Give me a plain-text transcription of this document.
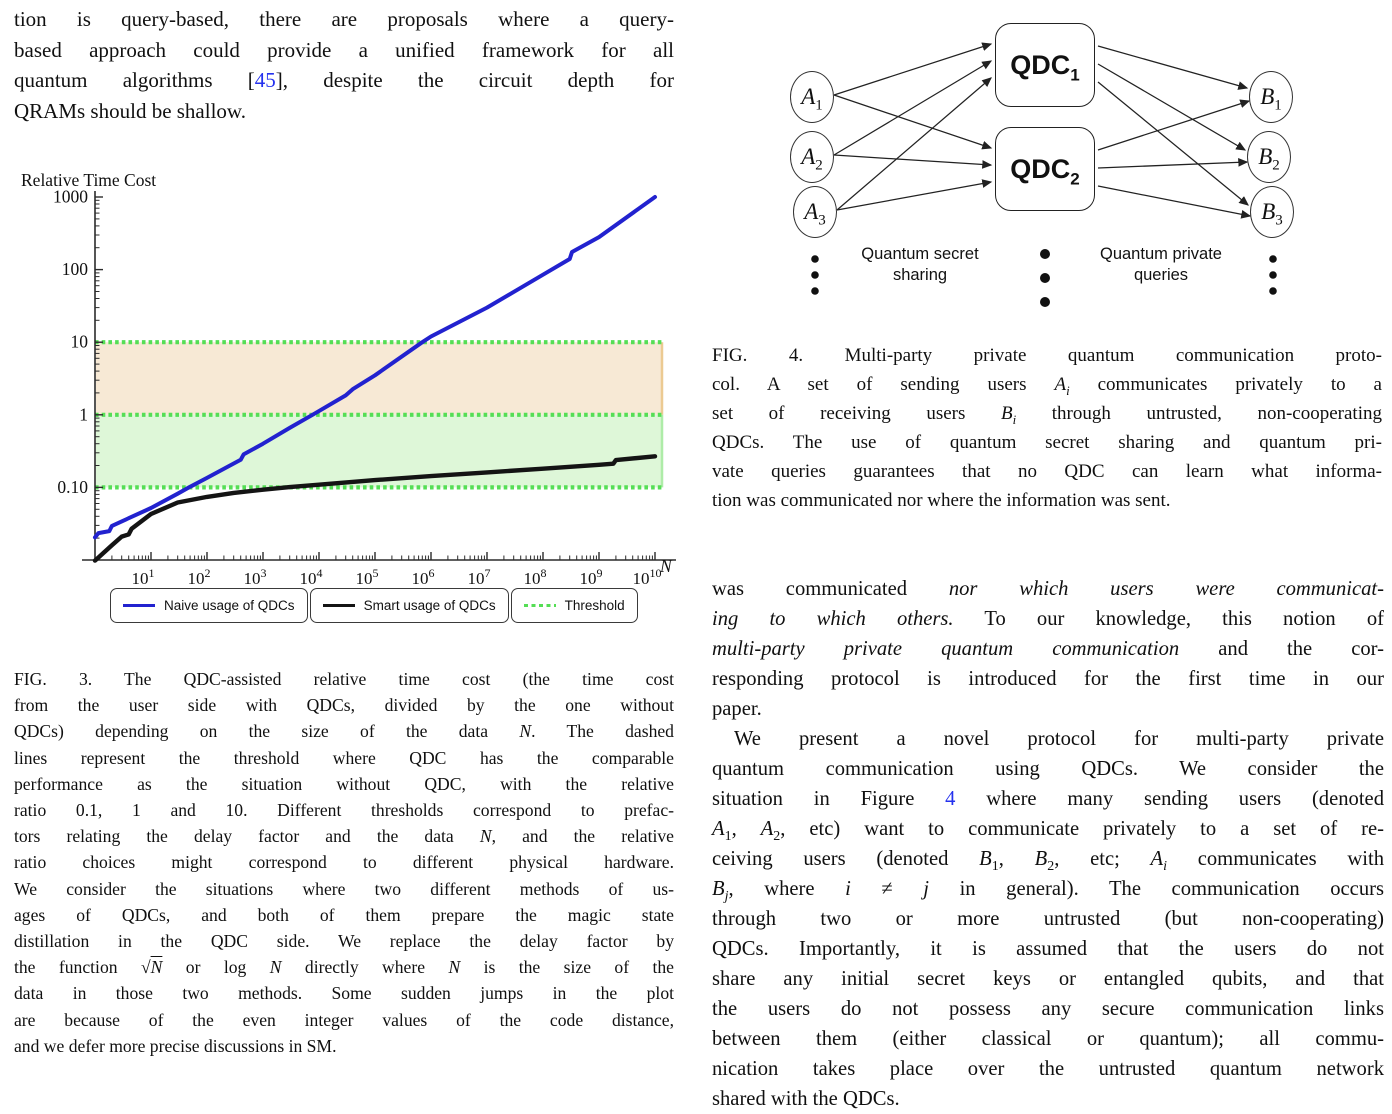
tion is query-based, there are proposals where a query-
based approach could provide a unified framework for all
quantum algorithms [45], despite the circuit depth for
QRAMs should be shallow.
1000
100
10
1
0.10
$10^1$ $10^2$ $10^3$ $10^4$ $10^5$ $10^6$ $10^7$ $10^8$ $10^9$ $10^{10}$
Relative Time Cost
N
Naive usage of QDCs	Smart usage of QDCs	Threshold
FIG. 3. The QDC-assisted relative time cost (the time cost
from the user side with QDCs, divided by the one without
QDCs) depending on the size of the data N. The dashed
lines represent the threshold where QDC has the comparable
performance as the situation without QDC, with the relative
ratio 0.1, 1 and 10. Different thresholds correspond to prefac-
tors relating the delay factor and the data N, and the relative
ratio choices might correspond to different physical hardware.
We consider the situations where two different methods of us-
ages of QDCs, and both of them prepare the magic state
distillation in the QDC side. We replace the delay factor by
the function √N or log N directly where N is the size of the
data in those two methods. Some sudden jumps in the plot
are because of the even integer values of the code distance,
and we defer more precise discussions in SM.
$A_1$
$A_2$
$A_3$
$QDC_1$
$QDC_2$
$B_1$
$B_2$
$B_3$
Quantum secret
sharing
Quantum private
queries
FIG. 4. Multi-party private quantum communication proto-
col. A set of sending users $A_i$ communicates privately to a
set of receiving users $B_i$ through untrusted, non-cooperating
QDCs. The use of quantum secret sharing and quantum pri-
vate queries guarantees that no QDC can learn what informa-
tion was communicated nor where the information was sent.
was communicated nor which users were communicat-
ing to which others. To our knowledge, this notion of
multi-party private quantum communication and the cor-
responding protocol is introduced for the first time in our
paper.
We present a novel protocol for multi-party private
quantum communication using QDCs. We consider the
situation in Figure 4 where many sending users (denoted
$A_1$, $A_2$, etc) want to communicate privately to a set of re-
ceiving users (denoted $B_1$, $B_2$, etc; $A_i$ communicates with
$B_j$, where i ≠ j in general). The communication occurs
through two or more untrusted (but non-cooperating)
QDCs. Importantly, it is assumed that the users do not
share any initial secret keys or entangled qubits, and that
the users do not possess any secure communication links
between them (either classical or quantum); all commu-
nication takes place over the untrusted quantum network
shared with the QDCs.
